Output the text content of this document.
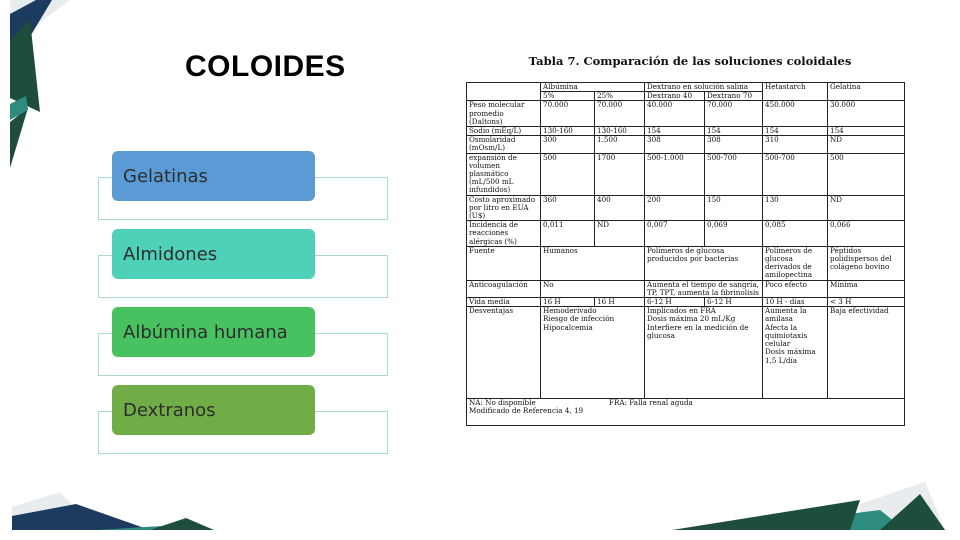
COLOIDES
Gelatinas
Almidones
Albúmina humana
Dextranos
Tabla 7. Comparación de las soluciones coloidales
	Albúmina		Dextrano en solución salina		Hetastarch	Gelatina
	5%	25%	Dextrano 40	Dextrano 70		
Peso molecular promedio (Daltons)	70.000	70.000	40.000	70.000	450.000	30.000
Sodio (mEq/L)	130-160	130-160	154	154	154	154
Osmolaridad (mOsm/L)	300	1.500	308	308	310	ND
expansión de volumen plasmático (mL/500 mL infundidos)	500	1700	500-1.000	500-700	500-700	500
Costo aproximado por litro en EUA (U$)	360	400	200	150	130	ND
Incidencia de reacciones alérgicas (%)	0,011	ND	0,007	0,069	0,085	0,066
Fuente	Humanos		Polímeros de glucosa producidos por bacterias		Polímeros de glucosa derivados de amilopectina	Péptidos polidispersos del colágeno bovino
Anticoagulación	No		Aumenta el tiempo de sangría, TP, TPT, aumenta la fibrinolisis		Poco efecto	Mínima
Vida media	16 H	16 H	6-12 H	6-12 H	10 H - días	< 3 H
Desventajas	Hemoderivado
Riesgo de infección
Hipocalcemia		Implicados en FRA
Dosis máxima 20 mL/Kg
Interfiere en la medición de glucosa		Aumenta la amilasa
Afecta la quimiotaxis celular
Dosis máxima 1,5 L/día	Baja efectividad

NA: No disponible FRA: Falla renal aguda
Modificado de Referencia 4, 19						
